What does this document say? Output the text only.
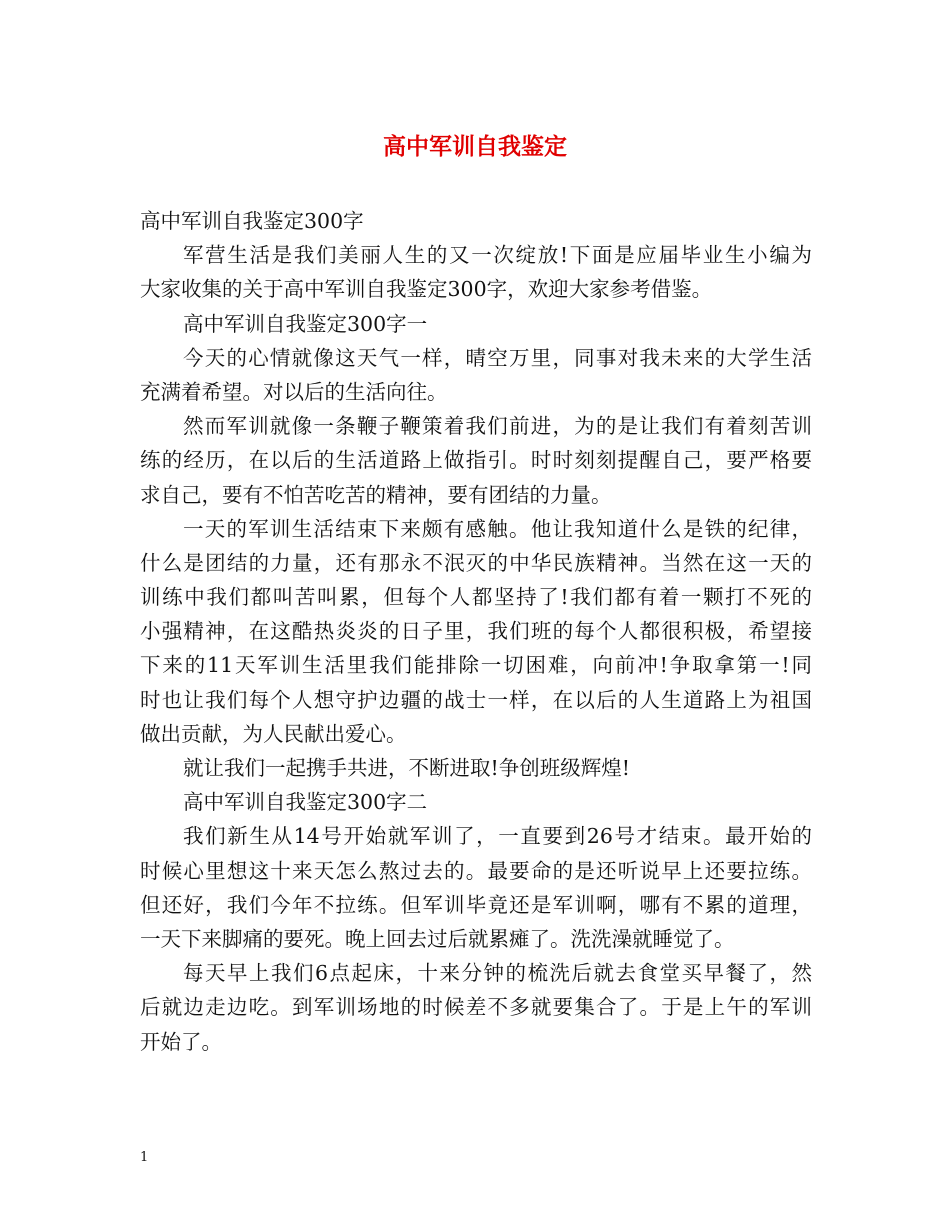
高中军训自我鉴定
高中军训自我鉴定300字
军营生活是我们美丽人生的又一次绽放!下面是应届毕业生小编为
大家收集的关于高中军训自我鉴定300字，欢迎大家参考借鉴。
高中军训自我鉴定300字一
今天的心情就像这天气一样，晴空万里，同事对我未来的大学生活
充满着希望。对以后的生活向往。
然而军训就像一条鞭子鞭策着我们前进，为的是让我们有着刻苦训
练的经历，在以后的生活道路上做指引。时时刻刻提醒自己，要严格要
求自己，要有不怕苦吃苦的精神，要有团结的力量。
一天的军训生活结束下来颇有感触。他让我知道什么是铁的纪律，
什么是团结的力量，还有那永不泯灭的中华民族精神。当然在这一天的
训练中我们都叫苦叫累，但每个人都坚持了!我们都有着一颗打不死的
小强精神，在这酷热炎炎的日子里，我们班的每个人都很积极，希望接
下来的11天军训生活里我们能排除一切困难，向前冲!争取拿第一!同
时也让我们每个人想守护边疆的战士一样，在以后的人生道路上为祖国
做出贡献，为人民献出爱心。
就让我们一起携手共进，不断进取!争创班级辉煌!
高中军训自我鉴定300字二
我们新生从14号开始就军训了，一直要到26号才结束。最开始的
时候心里想这十来天怎么熬过去的。最要命的是还听说早上还要拉练。
但还好，我们今年不拉练。但军训毕竟还是军训啊，哪有不累的道理，
一天下来脚痛的要死。晚上回去过后就累瘫了。洗洗澡就睡觉了。
每天早上我们6点起床，十来分钟的梳洗后就去食堂买早餐了，然
后就边走边吃。到军训场地的时候差不多就要集合了。于是上午的军训
开始了。
1
